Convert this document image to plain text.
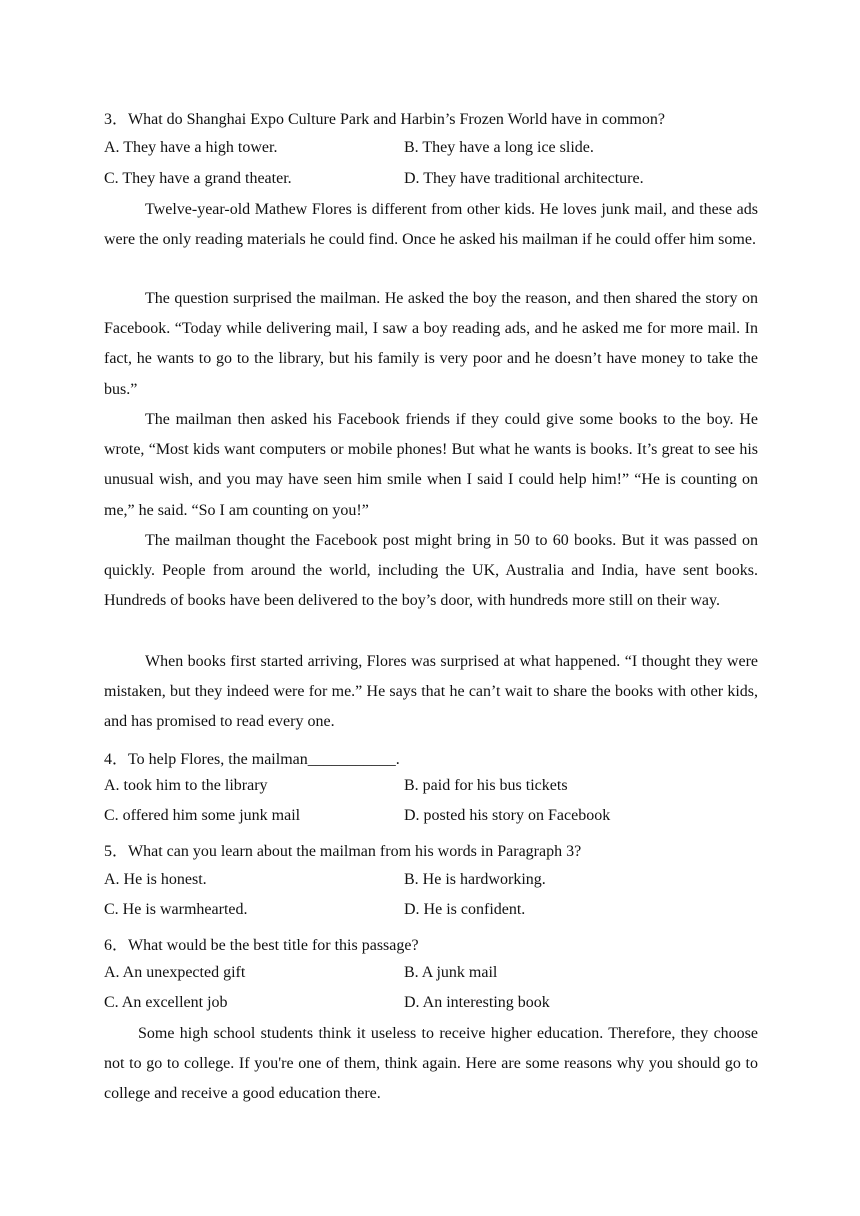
3．What do Shanghai Expo Culture Park and Harbin’s Frozen World have in common?
A. They have a high tower.	B. They have a long ice slide.
C. They have a grand theater.	D. They have traditional architecture.
Twelve-year-old Mathew Flores is different from other kids. He loves junk mail, and these ads were the only reading materials he could find. Once he asked his mailman if he could offer him some.
The question surprised the mailman. He asked the boy the reason, and then shared the story on Facebook. “Today while delivering mail, I saw a boy reading ads, and he asked me for more mail. In fact, he wants to go to the library, but his family is very poor and he doesn’t have money to take the bus.”
The mailman then asked his Facebook friends if they could give some books to the boy. He wrote, “Most kids want computers or mobile phones! But what he wants is books. It’s great to see his unusual wish, and you may have seen him smile when I said I could help him!” “He is counting on me,” he said. “So I am counting on you!”
The mailman thought the Facebook post might bring in 50 to 60 books. But it was passed on quickly. People from around the world, including the UK, Australia and India, have sent books. Hundreds of books have been delivered to the boy’s door, with hundreds more still on their way.
When books first started arriving, Flores was surprised at what happened. “I thought they were mistaken, but they indeed were for me.” He says that he can’t wait to share the books with other kids, and has promised to read every one.
4．To help Flores, the mailman___________.
A. took him to the library	B. paid for his bus tickets
C. offered him some junk mail	D. posted his story on Facebook
5．What can you learn about the mailman from his words in Paragraph 3?
A. He is honest.	B. He is hardworking.
C. He is warmhearted.	D. He is confident.
6．What would be the best title for this passage?
A. An unexpected gift	B. A junk mail
C. An excellent job	D. An interesting book
Some high school students think it useless to receive higher education. Therefore, they choose not to go to college. If you're one of them, think again. Here are some reasons why you should go to college and receive a good education there.
